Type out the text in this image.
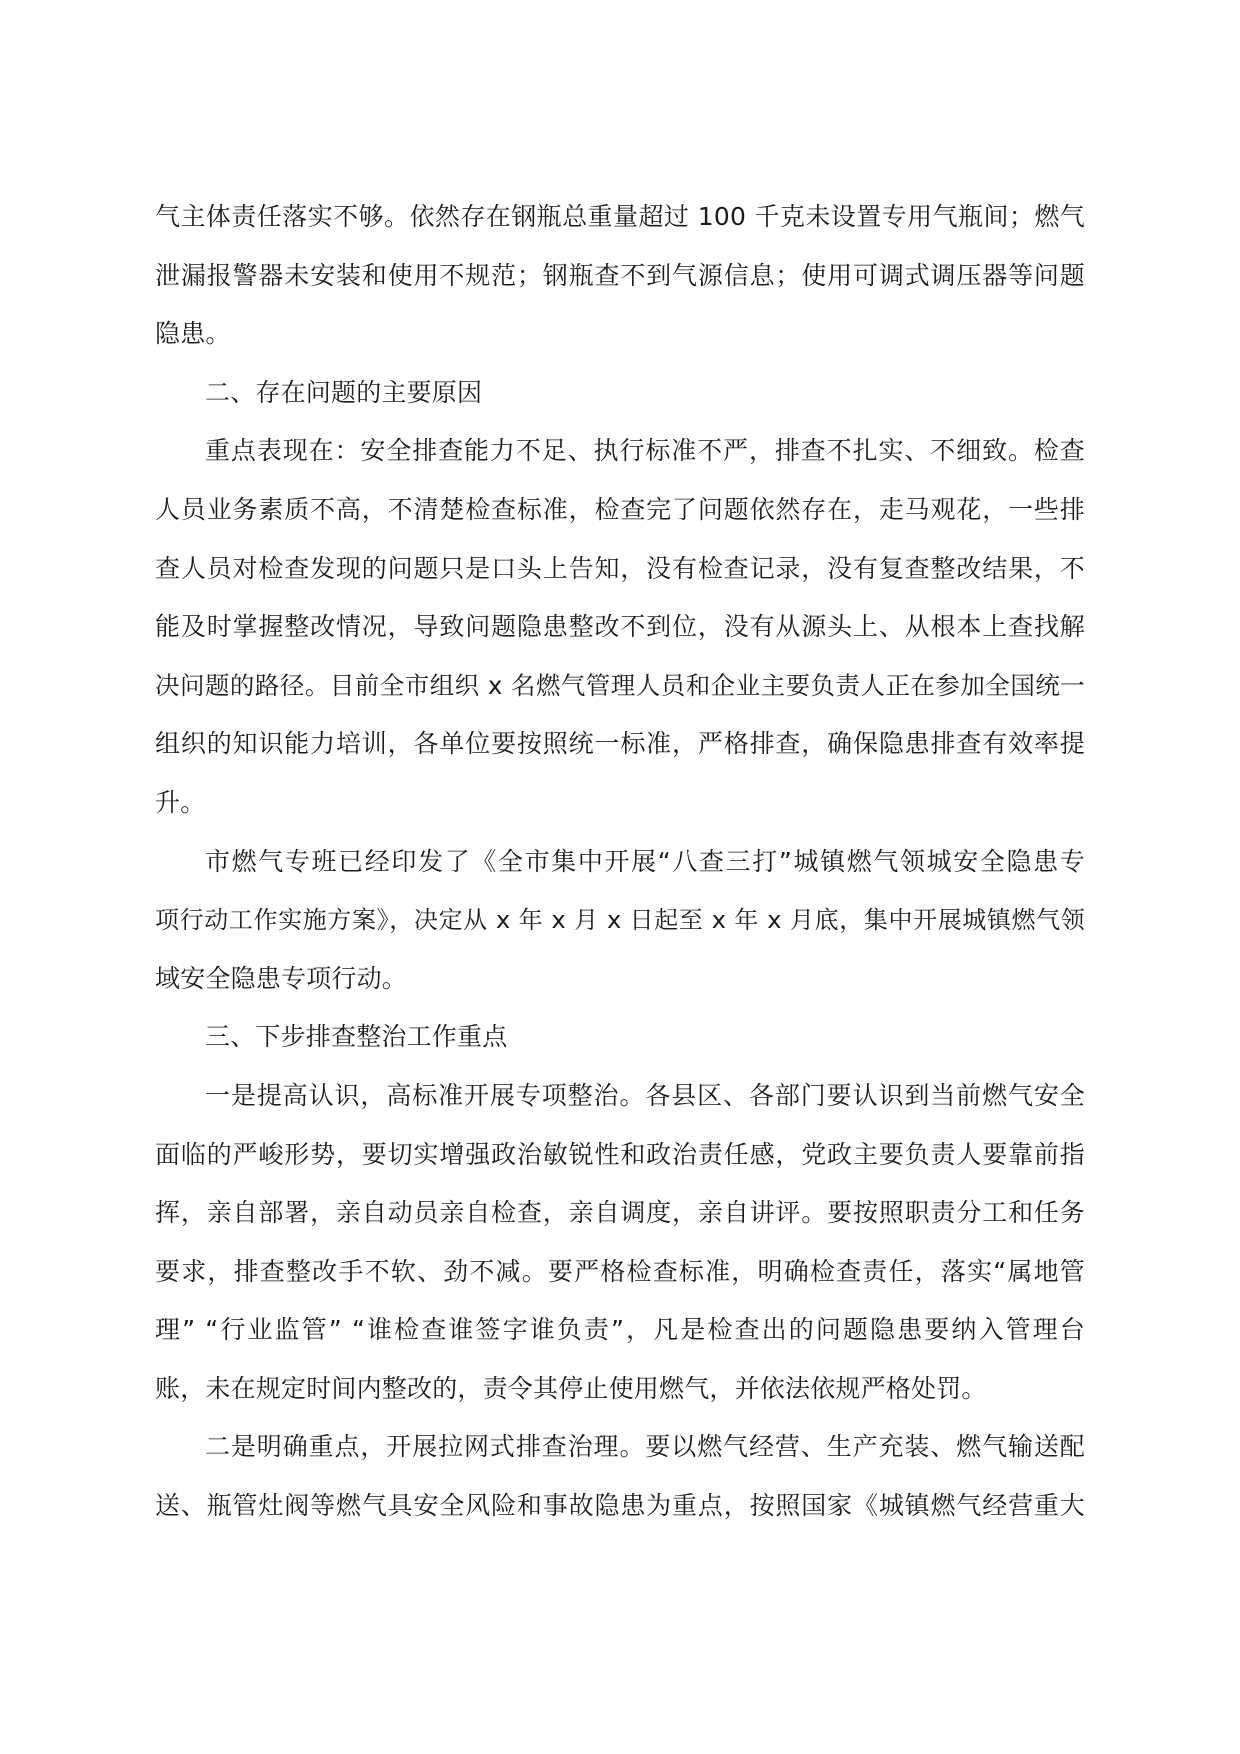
气主体责任落实不够。依然存在钢瓶总重量超过 100 千克未设置专用气瓶间；燃气
泄漏报警器未安装和使用不规范；钢瓶查不到气源信息；使用可调式调压器等问题
隐患。
二、存在问题的主要原因
重点表现在：安全排查能力不足、执行标准不严，排查不扎实、不细致。检查
人员业务素质不高，不清楚检查标准，检查完了问题依然存在，走马观花，一些排
查人员对检查发现的问题只是口头上告知，没有检查记录，没有复查整改结果，不
能及时掌握整改情况，导致问题隐患整改不到位，没有从源头上、从根本上查找解
决问题的路径。目前全市组织 x 名燃气管理人员和企业主要负责人正在参加全国统一
组织的知识能力培训，各单位要按照统一标准，严格排查，确保隐患排查有效率提
升。
市燃气专班已经印发了《全市集中开展“八查三打”城镇燃气领城安全隐患专
项行动工作实施方案》，决定从 x 年 x 月 x 日起至 x 年 x 月底，集中开展城镇燃气领
域安全隐患专项行动。
三、下步排查整治工作重点
一是提高认识，高标准开展专项整治。各县区、各部门要认识到当前燃气安全
面临的严峻形势，要切实增强政治敏锐性和政治责任感，党政主要负责人要靠前指
挥，亲自部署，亲自动员亲自检查，亲自调度，亲自讲评。要按照职责分工和任务
要求，排查整改手不软、劲不减。要严格检查标准，明确检查责任，落实“属地管
理” “行业监管” “谁检查谁签字谁负责”，凡是检查出的问题隐患要纳入管理台
账，未在规定时间内整改的，责令其停止使用燃气，并依法依规严格处罚。
二是明确重点，开展拉网式排查治理。要以燃气经营、生产充装、燃气输送配
送、瓶管灶阀等燃气具安全风险和事故隐患为重点，按照国家《城镇燃气经营重大
